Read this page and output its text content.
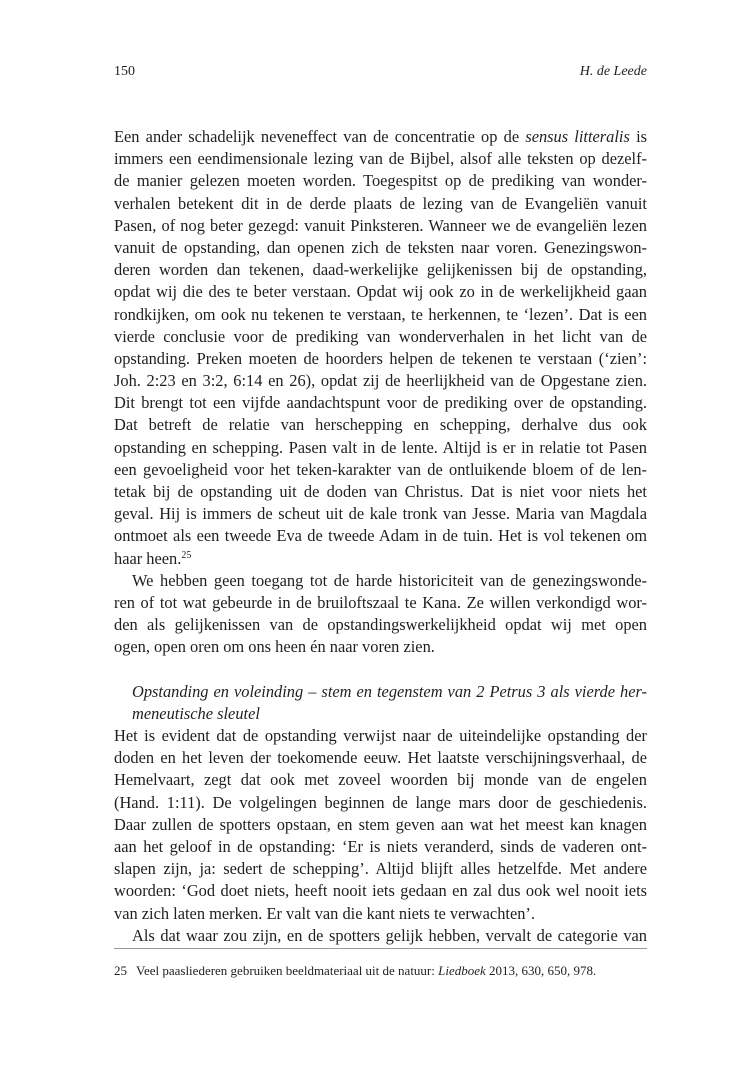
150	H. de Leede
Een ander schadelijk neveneffect van de concentratie op de sensus litteralis is
immers een eendimensionale lezing van de Bijbel, alsof alle teksten op dezelf-
de manier gelezen moeten worden. Toegespitst op de prediking van wonder-
verhalen betekent dit in de derde plaats de lezing van de Evangeliën vanuit
Pasen, of nog beter gezegd: vanuit Pinksteren. Wanneer we de evangeliën lezen
vanuit de opstanding, dan openen zich de teksten naar voren. Genezingswon-
deren worden dan tekenen, daad-werkelijke gelijkenissen bij de opstanding,
opdat wij die des te beter verstaan. Opdat wij ook zo in de werkelijkheid gaan
rondkijken, om ook nu tekenen te verstaan, te herkennen, te ‘lezen’. Dat is een
vierde conclusie voor de prediking van wonderverhalen in het licht van de
opstanding. Preken moeten de hoorders helpen de tekenen te verstaan (‘zien’:
Joh. 2:23 en 3:2, 6:14 en 26), opdat zij de heerlijkheid van de Opgestane zien.
Dit brengt tot een vijfde aandachtspunt voor de prediking over de opstanding.
Dat betreft de relatie van herschepping en schepping, derhalve dus ook
opstanding en schepping. Pasen valt in de lente. Altijd is er in relatie tot Pasen
een gevoeligheid voor het teken-karakter van de ontluikende bloem of de len-
tetak bij de opstanding uit de doden van Christus. Dat is niet voor niets het
geval. Hij is immers de scheut uit de kale tronk van Jesse. Maria van Magdala
ontmoet als een tweede Eva de tweede Adam in de tuin. Het is vol tekenen om
haar heen.$^{25}$
We hebben geen toegang tot de harde historiciteit van de genezingswonde-
ren of tot wat gebeurde in de bruiloftszaal te Kana. Ze willen verkondigd wor-
den als gelijkenissen van de opstandingswerkelijkheid opdat wij met open
ogen, open oren om ons heen én naar voren zien.
Opstanding en voleinding – stem en tegenstem van 2 Petrus 3 als vierde her-
meneutische sleutel
Het is evident dat de opstanding verwijst naar de uiteindelijke opstanding der
doden en het leven der toekomende eeuw. Het laatste verschijningsverhaal, de
Hemelvaart, zegt dat ook met zoveel woorden bij monde van de engelen
(Hand. 1:11). De volgelingen beginnen de lange mars door de geschiedenis.
Daar zullen de spotters opstaan, en stem geven aan wat het meest kan knagen
aan het geloof in de opstanding: ‘Er is niets veranderd, sinds de vaderen ont-
slapen zijn, ja: sedert de schepping’. Altijd blijft alles hetzelfde. Met andere
woorden: ‘God doet niets, heeft nooit iets gedaan en zal dus ook wel nooit iets
van zich laten merken. Er valt van die kant niets te verwachten’.
Als dat waar zou zijn, en de spotters gelijk hebben, vervalt de categorie van
25 Veel paasliederen gebruiken beeldmateriaal uit de natuur: Liedboek 2013, 630, 650, 978.
